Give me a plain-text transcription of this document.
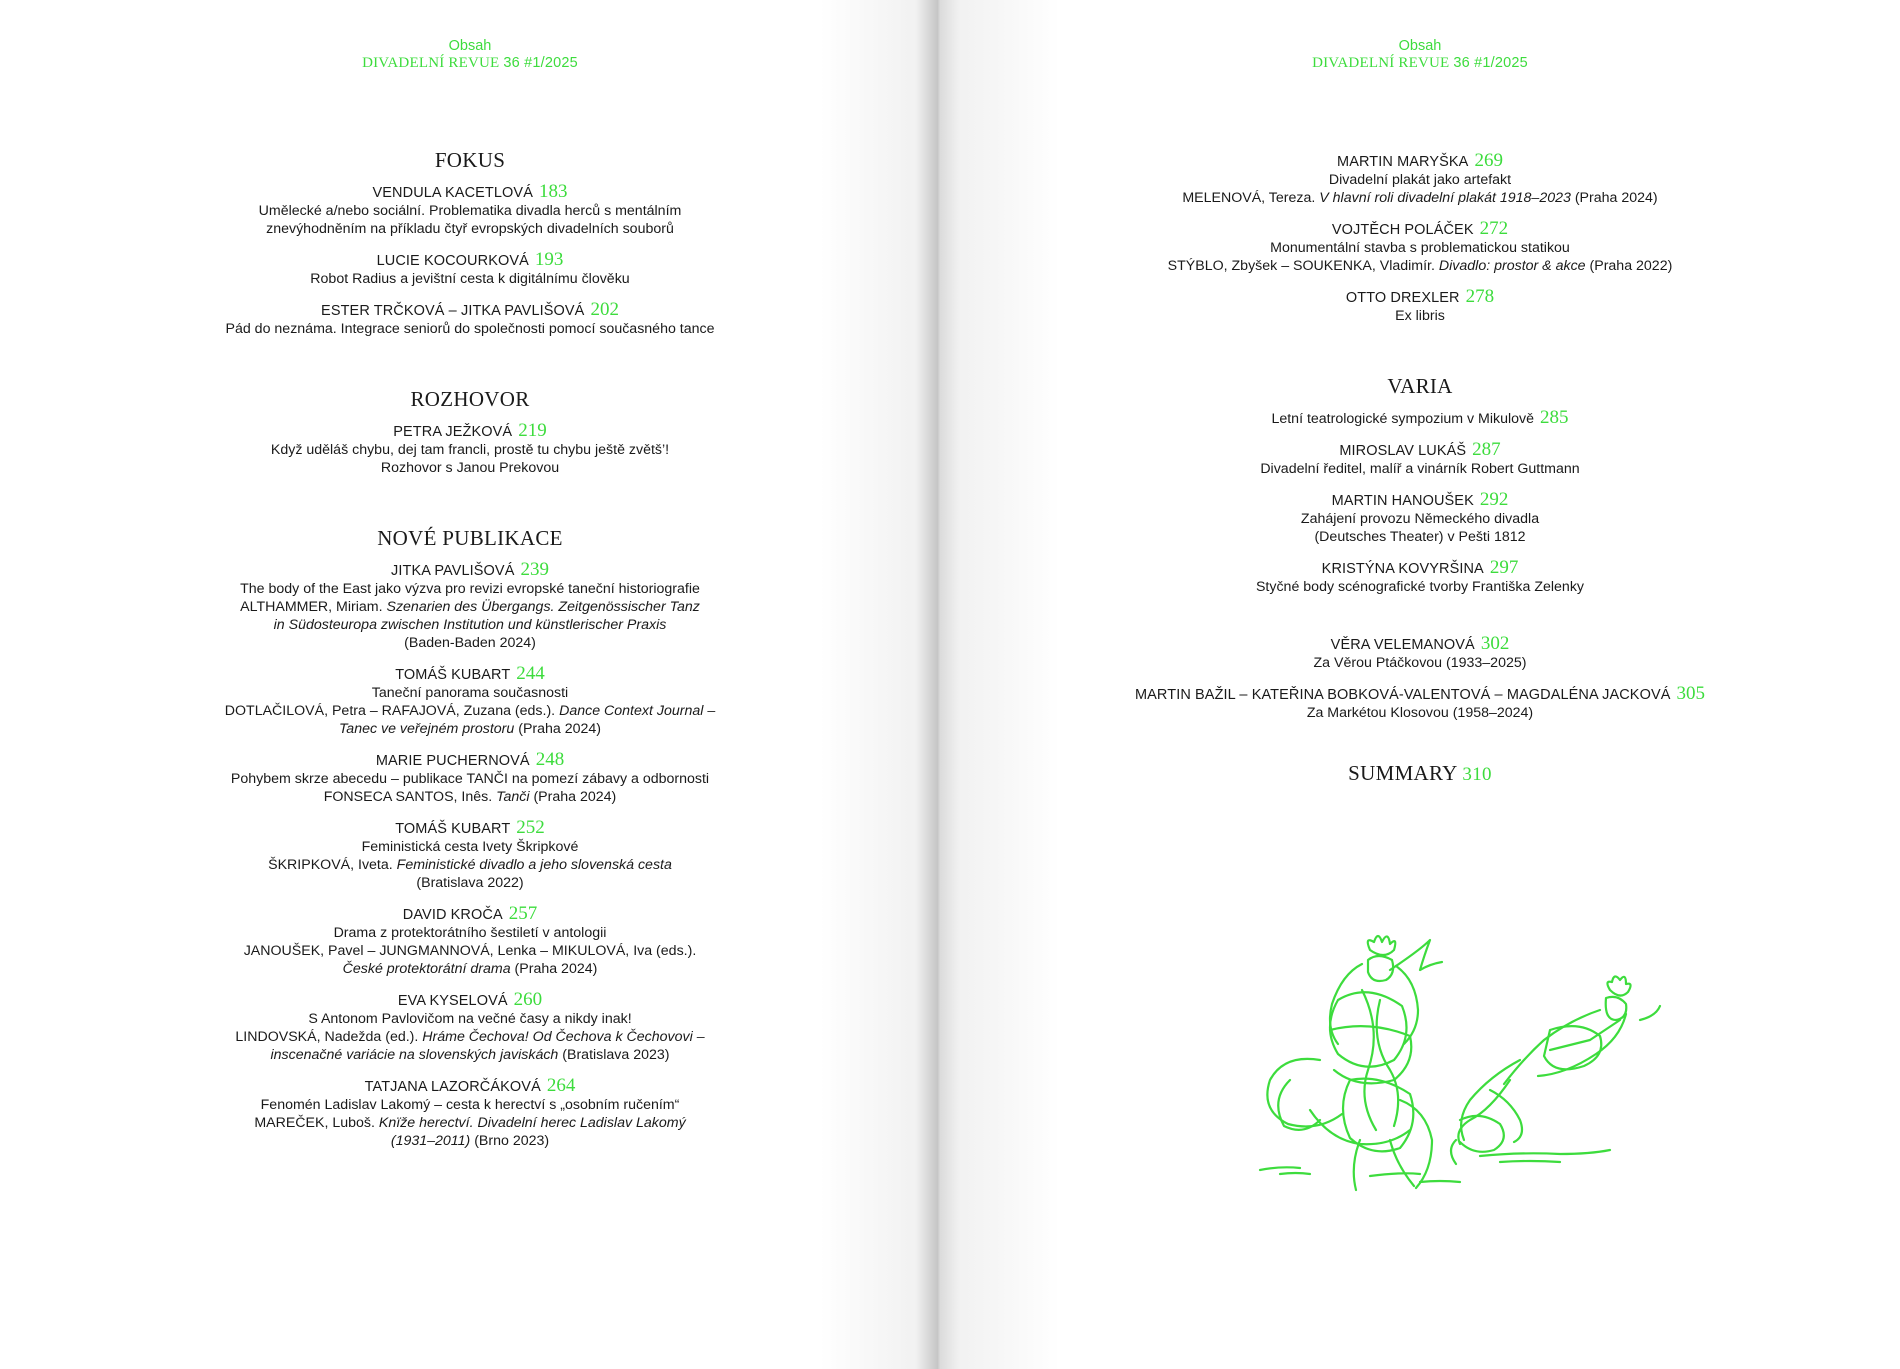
Obsah
DIVADELNÍ REVUE 36 #1/2025
FOKUS
VENDULA KACETLOVÁ 183
Umělecké a/nebo sociální. Problematika divadla herců s mentálním
znevýhodněním na příkladu čtyř evropských divadelních souborů
LUCIE KOCOURKOVÁ 193
Robot Radius a jevištní cesta k digitálnímu člověku
ESTER TRČKOVÁ – JITKA PAVLIŠOVÁ 202
Pád do neznáma. Integrace seniorů do společnosti pomocí současného tance
ROZHOVOR
PETRA JEŽKOVÁ 219
Když uděláš chybu, dej tam francli, prostě tu chybu ještě zvětš’!
Rozhovor s Janou Prekovou
NOVÉ PUBLIKACE
JITKA PAVLIŠOVÁ 239
The body of the East jako výzva pro revizi evropské taneční historiografie
ALTHAMMER, Miriam. Szenarien des Übergangs. Zeitgenössischer Tanz
in Südosteuropa zwischen Institution und künstlerischer Praxis
(Baden-Baden 2024)
TOMÁŠ KUBART 244
Taneční panorama současnosti
DOTLAČILOVÁ, Petra – RAFAJOVÁ, Zuzana (eds.). Dance Context Journal –
Tanec ve veřejném prostoru (Praha 2024)
MARIE PUCHERNOVÁ 248
Pohybem skrze abecedu – publikace TANČI na pomezí zábavy a odbornosti
FONSECA SANTOS, Inês. Tanči (Praha 2024)
TOMÁŠ KUBART 252
Feministická cesta Ivety Škripkové
ŠKRIPKOVÁ, Iveta. Feministické divadlo a jeho slovenská cesta
(Bratislava 2022)
DAVID KROČA 257
Drama z protektorátního šestiletí v antologii
JANOUŠEK, Pavel – JUNGMANNOVÁ, Lenka – MIKULOVÁ, Iva (eds.).
České protektorátní drama (Praha 2024)
EVA KYSELOVÁ 260
S Antonom Pavlovičom na večné časy a nikdy inak!
LINDOVSKÁ, Nadežda (ed.). Hráme Čechova! Od Čechova k Čechovovi –
inscenačné variácie na slovenských javiskách (Bratislava 2023)
TATJANA LAZORČÁKOVÁ 264
Fenomén Ladislav Lakomý – cesta k herectví s „osobním ručením“
MAREČEK, Luboš. Knïže herectví. Divadelní herec Ladislav Lakomý
(1931–2011) (Brno 2023)
Obsah
DIVADELNÍ REVUE 36 #1/2025
MARTIN MARYŠKA 269
Divadelní plakát jako artefakt
MELENOVÁ, Tereza. V hlavní roli divadelní plakát 1918–2023 (Praha 2024)
VOJTĚCH POLÁČEK 272
Monumentální stavba s problematickou statikou
STÝBLO, Zbyšek – SOUKENKA, Vladimír. Divadlo: prostor & akce (Praha 2022)
OTTO DREXLER 278
Ex libris
VARIA
Letní teatrologické sympozium v Mikulově 285
MIROSLAV LUKÁŠ 287
Divadelní ředitel, malíř a vinárník Robert Guttmann
MARTIN HANOUŠEK 292
Zahájení provozu Německého divadla
(Deutsches Theater) v Pešti 1812
KRISTÝNA KOVYRŠINA 297
Styčné body scénografické tvorby Františka Zelenky
VĚRA VELEMANOVÁ 302
Za Věrou Ptáčkovou (1933–2025)
MARTIN BAŽIL – KATEŘINA BOBKOVÁ-VALENTOVÁ – MAGDALÉNA JACKOVÁ 305
Za Markétou Klosovou (1958–2024)
SUMMARY 310
